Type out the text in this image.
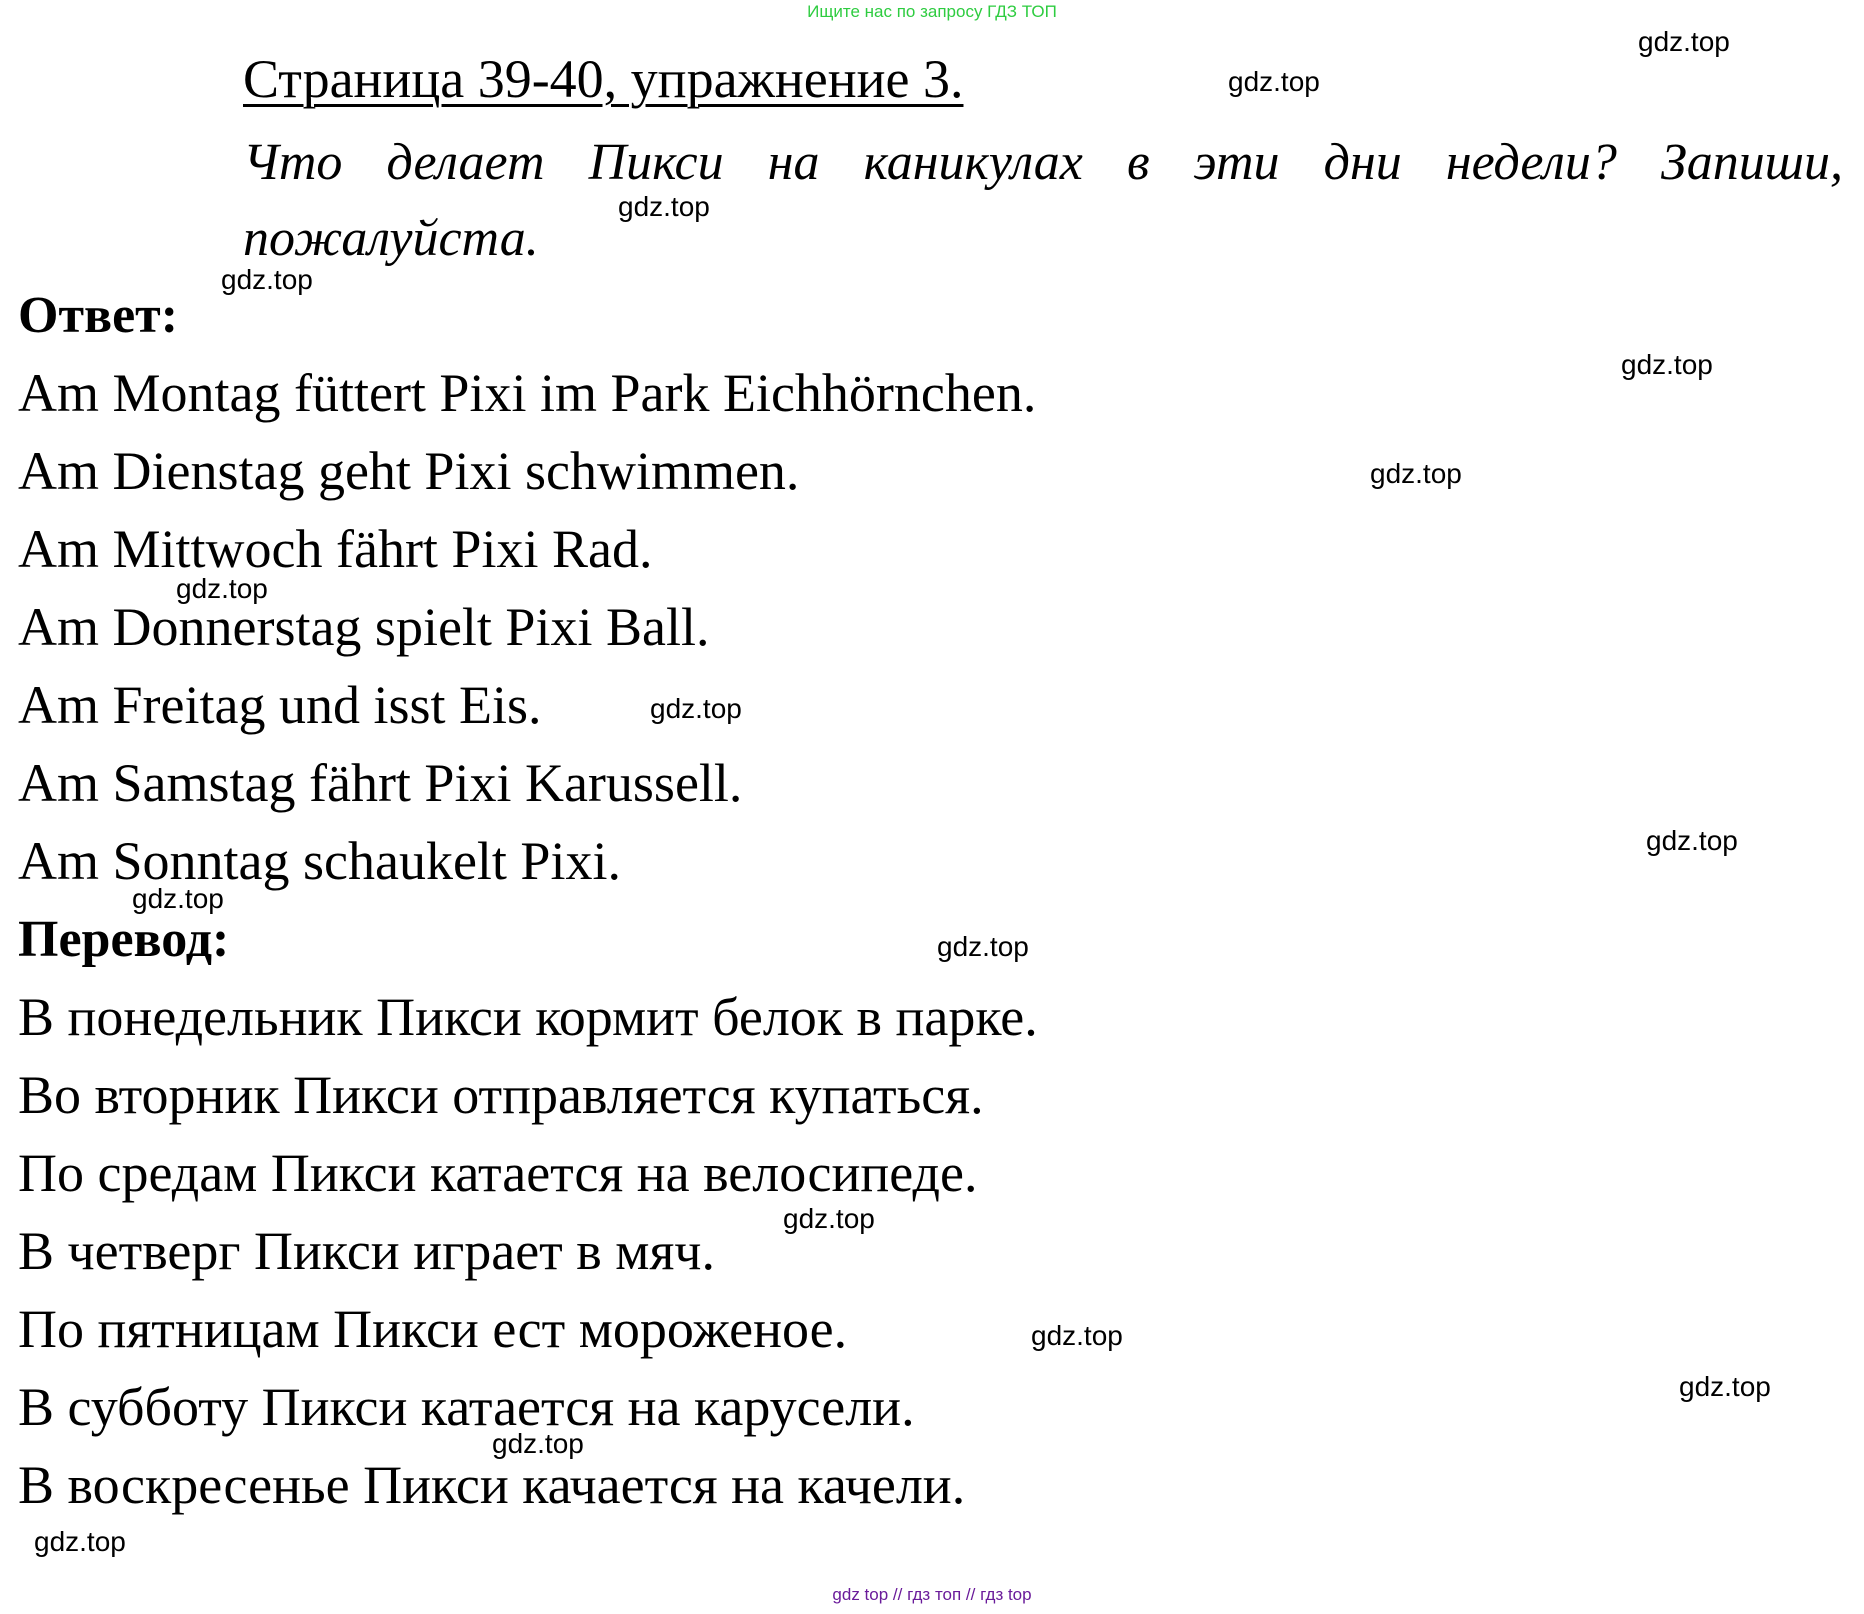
Ищите нас по запросу ГДЗ ТОП
Страница 39-40, упражнение 3.
Что делает Пикси на каникулах в эти дни недели? Запиши, пожалуйста.
Ответ:
Am Montag füttert Pixi im Park Eichhörnchen.
Am Dienstag geht Pixi schwimmen.
Am Mittwoch fährt Pixi Rad.
Am Donnerstag spielt Pixi Ball.
Am Freitag und isst Eis.
Am Samstag fährt Pixi Karussell.
Am Sonntag schaukelt Pixi.
Перевод:
В понедельник Пикси кормит белок в парке.
Во вторник Пикси отправляется купаться.
По средам Пикси катается на велосипеде.
В четверг Пикси играет в мяч.
По пятницам Пикси ест мороженое.
В субботу Пикси катается на карусели.
В воскресенье Пикси качается на качели.
gdz.top
gdz.top
gdz.top
gdz.top
gdz.top
gdz.top
gdz.top
gdz.top
gdz.top
gdz.top
gdz.top
gdz.top
gdz.top
gdz.top
gdz.top
gdz.top
gdz top // гдз топ // гдз top
